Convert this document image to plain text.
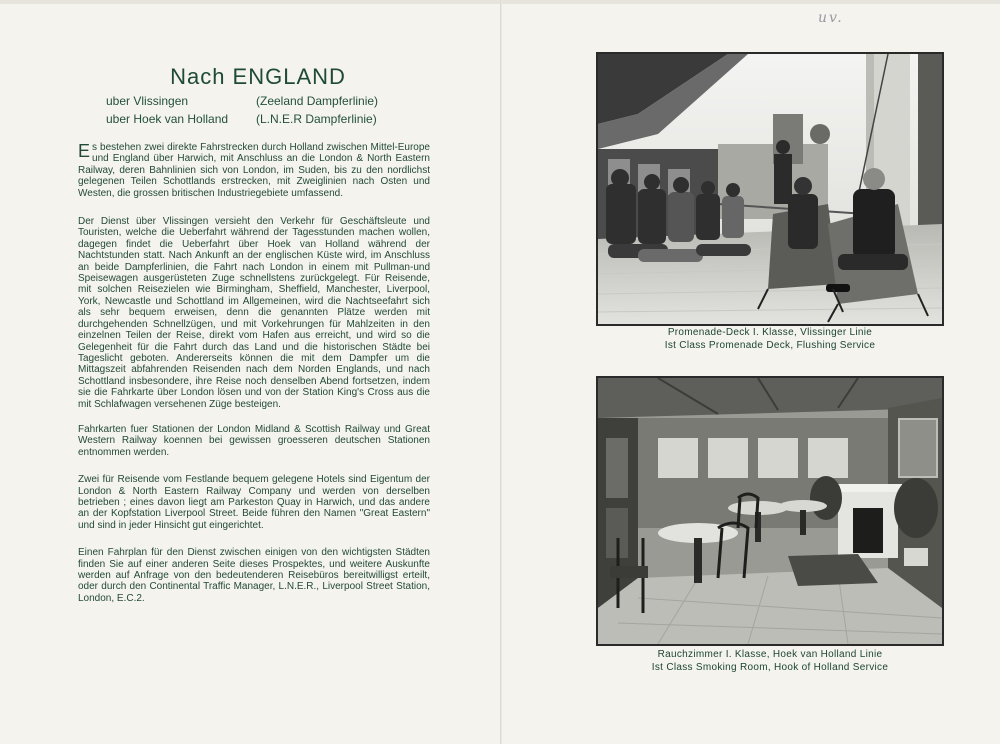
uv.
Nach ENGLAND
uber Vlissingen	(Zeeland Dampferlinie)
uber Hoek van Holland (L.N.E.R Dampferlinie)

Es bestehen zwei direkte Fahrstrecken durch Holland zwischen Mittel-Europe und England über Harwich, mit Anschluss an die London & North Eastern Railway, deren Bahnlinien sich von London, im Suden, bis zu den nordlichst gelegenen Teilen Schottlands erstrecken, mit Zweiglinien nach Osten und Westen, die grossen britischen Industriegebiete umfassend.

Der Dienst über Vlissingen versieht den Verkehr für Geschäftsleute und Touristen, welche die Ueberfahrt während der Tagesstunden machen wollen, dagegen findet die Ueberfahrt über Hoek van Holland während der Nachtstunden statt. Nach Ankunft an der englischen Küste wird, im Anschluss an beide Dampferlinien, die Fahrt nach London in einem mit Pullman-und Speisewagen ausgerüsteten Zuge schnellstens zurückgelegt. Für Reisende, mit solchen Reisezielen wie Birmingham, Sheffield, Manchester, Liverpool, York, Newcastle und Schottland im Allgemeinen, wird die Nachtseefahrt sich als sehr bequem erweisen, denn die genannten Plätze werden mit durchgehenden Schnellzügen, und mit Vorkehrungen für Mahlzeiten in den einzelnen Teilen der Reise, direkt vom Hafen aus erreicht, und wird so die Gelegenheit für die Fahrt durch das Land und die historischen Städte bei Tageslicht geboten. Andererseits können die mit dem Dampfer um die Mittagszeit abfahrenden Reisenden nach dem Norden Englands, und nach Schottland insbesondere, ihre Reise noch denselben Abend fortsetzen, indem sie die Fahrkarte über London lösen und von der Station King's Cross aus die mit Schlafwagen versehenen Züge besteigen.

Fahrkarten fuer Stationen der London Midland & Scottish Railway und Great Western Railway koennen bei gewissen groesseren deutschen Stationen entnommen werden.

Zwei für Reisende vom Festlande bequem gelegene Hotels sind Eigentum der London & North Eastern Railway Company und werden von derselben betrieben ; eines davon liegt am Parkeston Quay in Harwich, und das andere an der Kopfstation Liverpool Street. Beide führen den Namen "Great Eastern" und sind in jeder Hinsicht gut eingerichtet.

Einen Fahrplan für den Dienst zwischen einigen von den wichtigsten Städten finden Sie auf einer anderen Seite dieses Prospektes, und weitere Auskunfte werden auf Anfrage von den bedeutenderen Reisebüros bereitwilligst erteilt, oder durch den Continental Traffic Manager, L.N.E.R., Liverpool Street Station, London, E.C.2.

Promenade-Deck I. Klasse, Vlissinger Linie
Ist Class Promenade Deck, Flushing Service
Rauchzimmer I. Klasse, Hoek van Holland Linie
Ist Class Smoking Room, Hook of Holland Service
